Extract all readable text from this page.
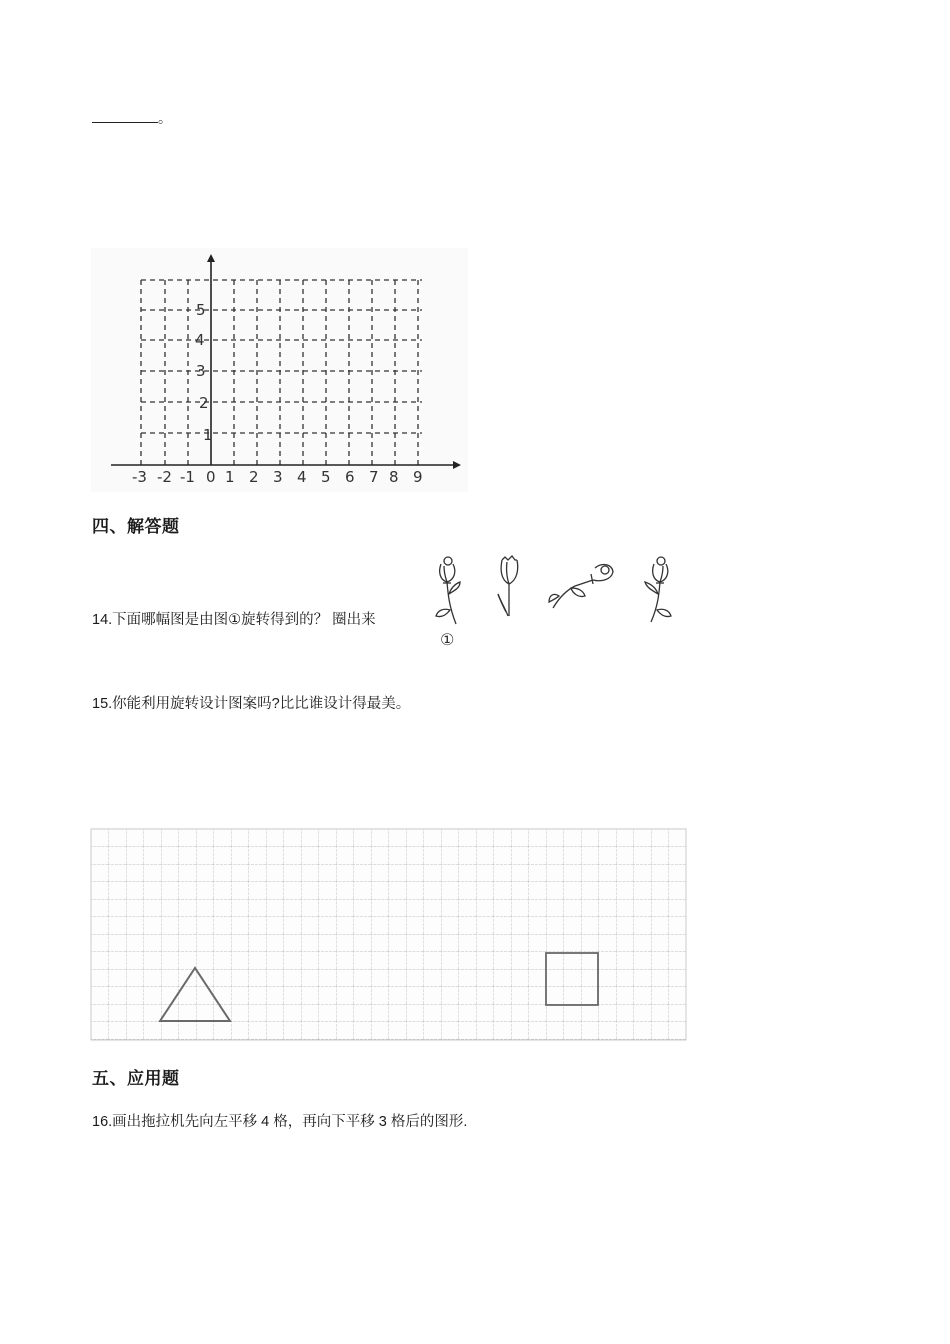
。
-3 -2 -1 0 1 2 3 4 5 6 7 8 9
1
2
3
4
5
四、解答题
14.下面哪幅图是由图①旋转得到的？ 圈出来
①
15.你能利用旋转设计图案吗?比比谁设计得最美。
五、应用题
16.画出拖拉机先向左平移 4 格，再向下平移 3 格后的图形.
